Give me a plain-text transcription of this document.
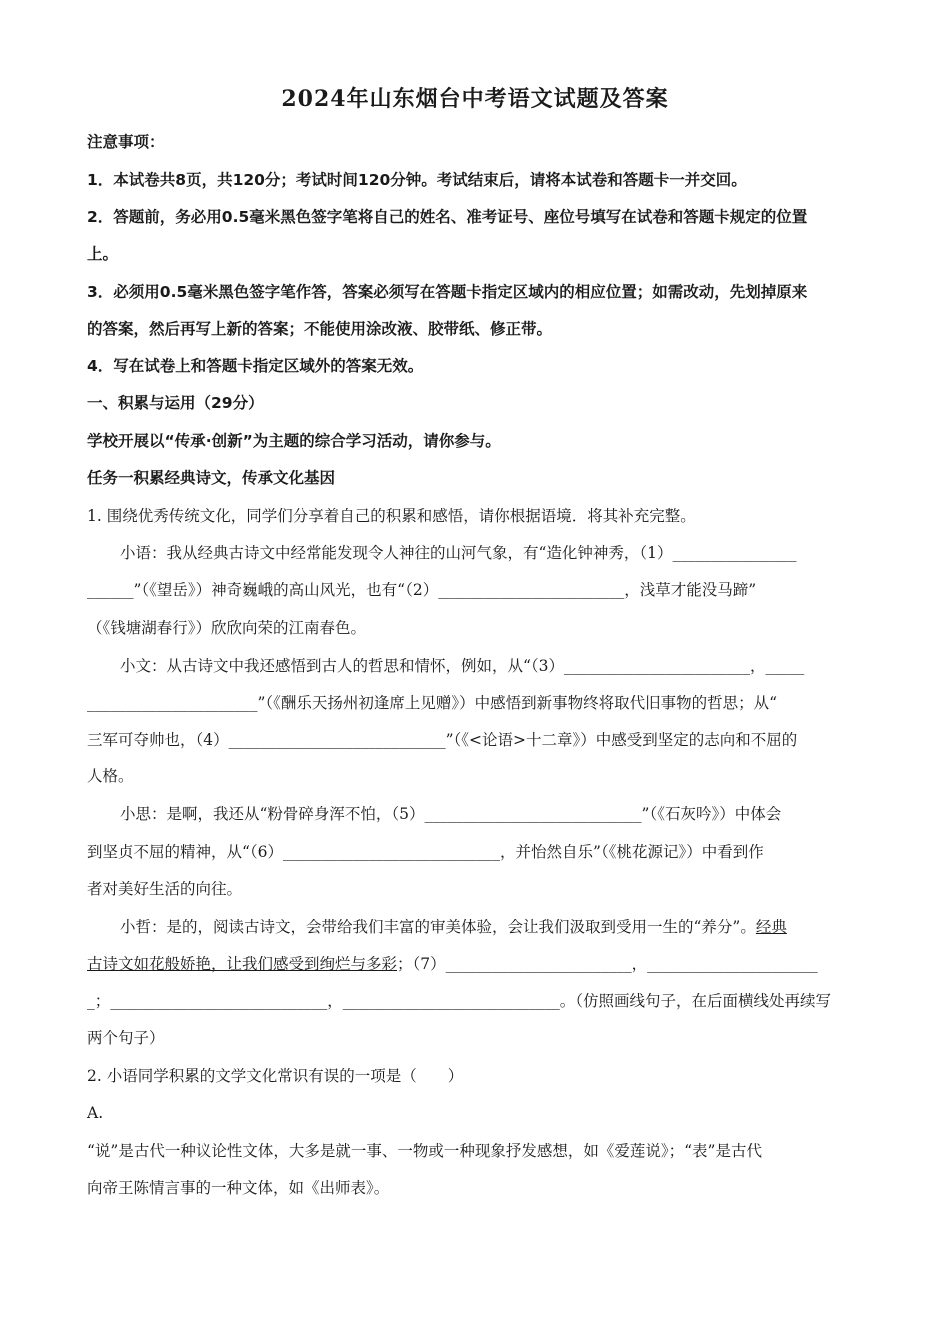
2024年山东烟台中考语文试题及答案
注意事项：
1．本试卷共8页，共120分；考试时间120分钟。考试结束后，请将本试卷和答题卡一并交回。
2．答题前，务必用0.5毫米黑色签字笔将自己的姓名、准考证号、座位号填写在试卷和答题卡规定的位置
上。
3．必须用0.5毫米黑色签字笔作答，答案必须写在答题卡指定区域内的相应位置；如需改动，先划掉原来
的答案，然后再写上新的答案；不能使用涂改液、胶带纸、修正带。
4．写在试卷上和答题卡指定区域外的答案无效。
一、积累与运用（29分）
学校开展以“传承·创新”为主题的综合学习活动，请你参与。
任务一积累经典诗文，传承文化基因
1. 围绕优秀传统文化，同学们分享着自己的积累和感悟，请你根据语境．将其补充完整。
小语：我从经典古诗文中经常能发现令人神往的山河气象，有“造化钟神秀，（1）________________
______”（《望岳》）神奇巍峨的高山风光，也有“（2）________________________，浅草才能没马蹄”
（《钱塘湖春行》）欣欣向荣的江南春色。
小文：从古诗文中我还感悟到古人的哲思和情怀，例如，从“（3）________________________，_____
______________________”（《酬乐天扬州初逢席上见赠》）中感悟到新事物终将取代旧事物的哲思；从“
三军可夺帅也，（4）____________________________”（《<论语>十二章》）中感受到坚定的志向和不屈的
人格。
小思：是啊，我还从“粉骨碎身浑不怕，（5）____________________________”（《石灰吟》）中体会
到坚贞不屈的精神，从“（6）____________________________，并怡然自乐”（《桃花源记》）中看到作
者对美好生活的向往。
小哲：是的，阅读古诗文，会带给我们丰富的审美体验，会让我们汲取到受用一生的“养分”。经典
古诗文如花般娇艳，让我们感受到绚烂与多彩；（7）________________________，______________________
_；____________________________，____________________________。（仿照画线句子，在后面横线处再续写
两个句子）
2. 小语同学积累的文学文化常识有误的一项是（　　）
A.
“说”是古代一种议论性文体，大多是就一事、一物或一种现象抒发感想，如《爱莲说》；“表”是古代
向帝王陈情言事的一种文体，如《出师表》。
